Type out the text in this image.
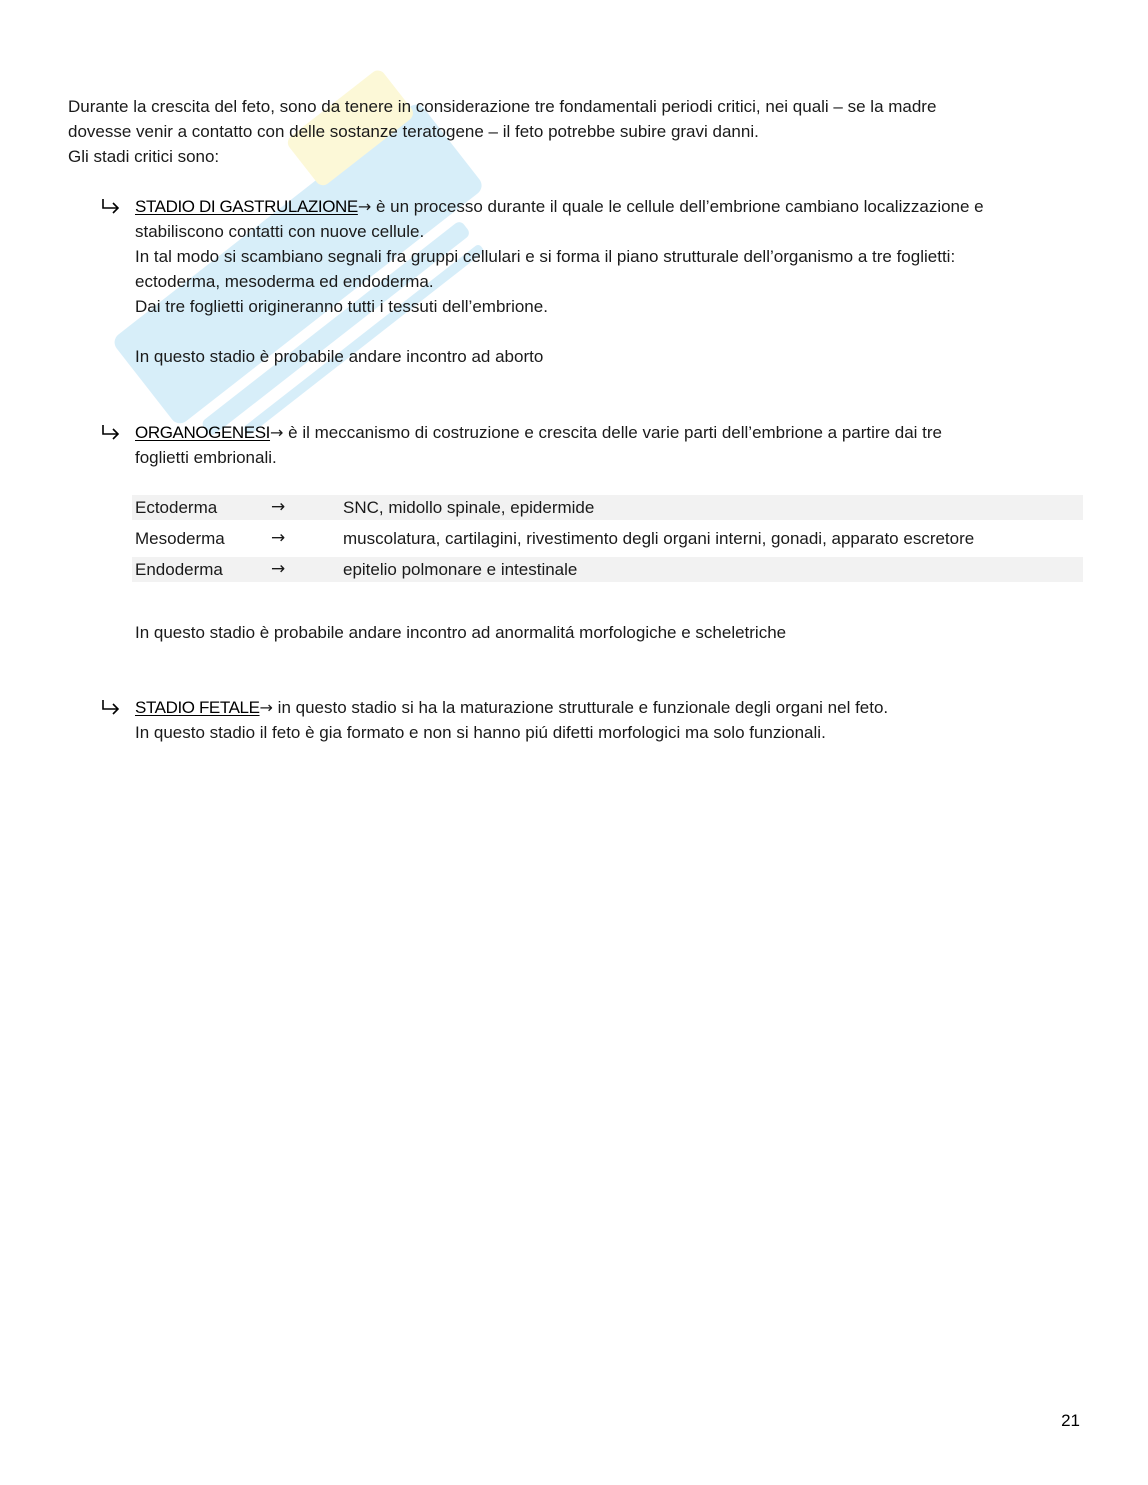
Durante la crescita del feto, sono da tenere in considerazione tre fondamentali periodi critici, nei quali – se la madre

dovesse venir a contatto con delle sostanze teratogene – il feto potrebbe subire gravi danni.

Gli stadi critici sono:

STADIO DI GASTRULAZIONE→ è un processo durante il quale le cellule dell’embrione cambiano localizzazione e

stabiliscono contatti con nuove cellule.

In tal modo si scambiano segnali fra gruppi cellulari e si forma il piano strutturale dell’organismo a tre foglietti:

ectoderma, mesoderma ed endoderma.

Dai tre foglietti origineranno tutti i tessuti dell’embrione.

In questo stadio è probabile andare incontro ad aborto

ORGANOGENESI→ è il meccanismo di costruzione e crescita delle varie parti dell’embrione a partire dai tre

foglietti embrionali.

Ectoderma	→	SNC, midollo spinale, epidermide
Mesoderma	→	muscolatura, cartilagini, rivestimento degli organi interni, gonadi, apparato escretore
Endoderma	→	epitelio polmonare e intestinale

In questo stadio è probabile andare incontro ad anormalitá morfologiche e scheletriche

STADIO FETALE→ in questo stadio si ha la maturazione strutturale e funzionale degli organi nel feto.

In questo stadio il feto è gia formato e non si hanno piú difetti morfologici ma solo funzionali.

21
